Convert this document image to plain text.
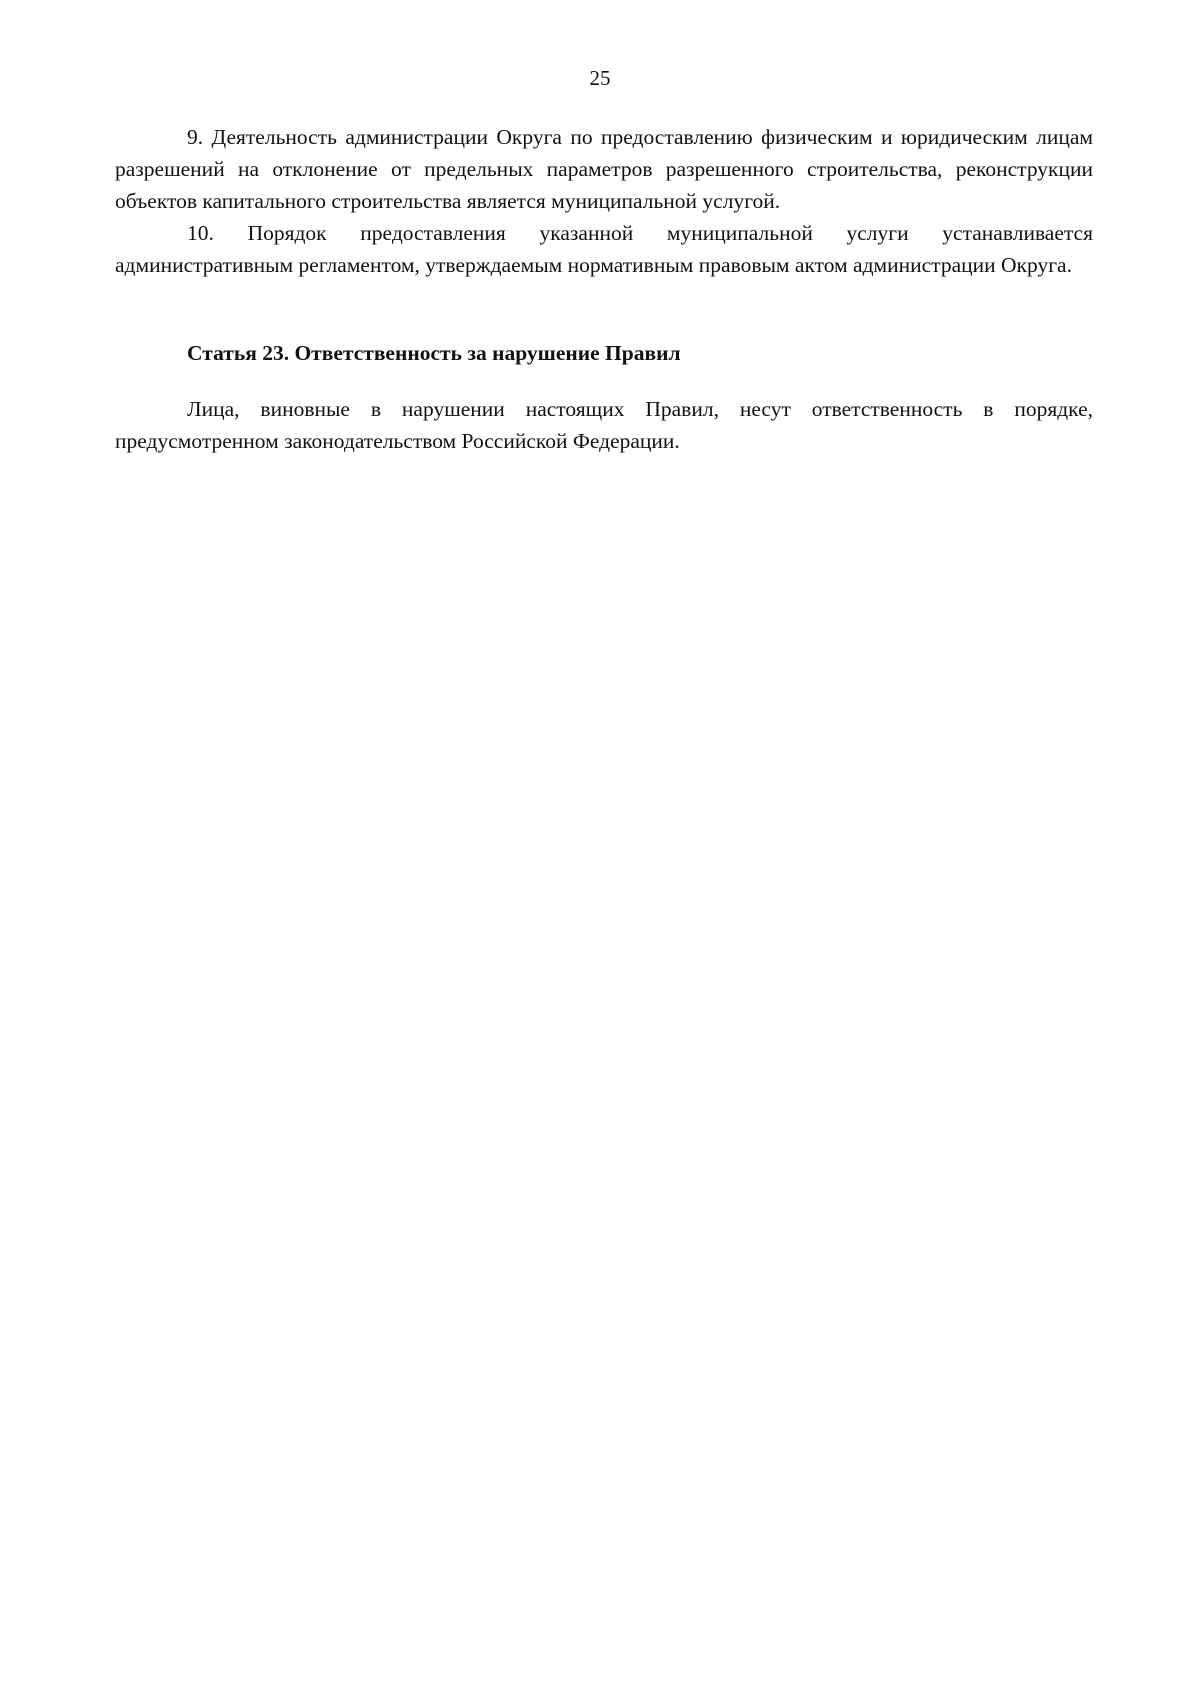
25

9. Деятельность администрации Округа по предоставлению физическим и юридическим лицам разрешений на отклонение от предельных параметров разрешенного строительства, реконструкции объектов капитального строительства является муниципальной услугой.

10. Порядок предоставления указанной муниципальной услуги устанавливается административным регламентом, утверждаемым нормативным правовым актом администрации Округа.

Статья 23. Ответственность за нарушение Правил

Лица, виновные в нарушении настоящих Правил, несут ответственность в порядке, предусмотренном законодательством Российской Федерации.
